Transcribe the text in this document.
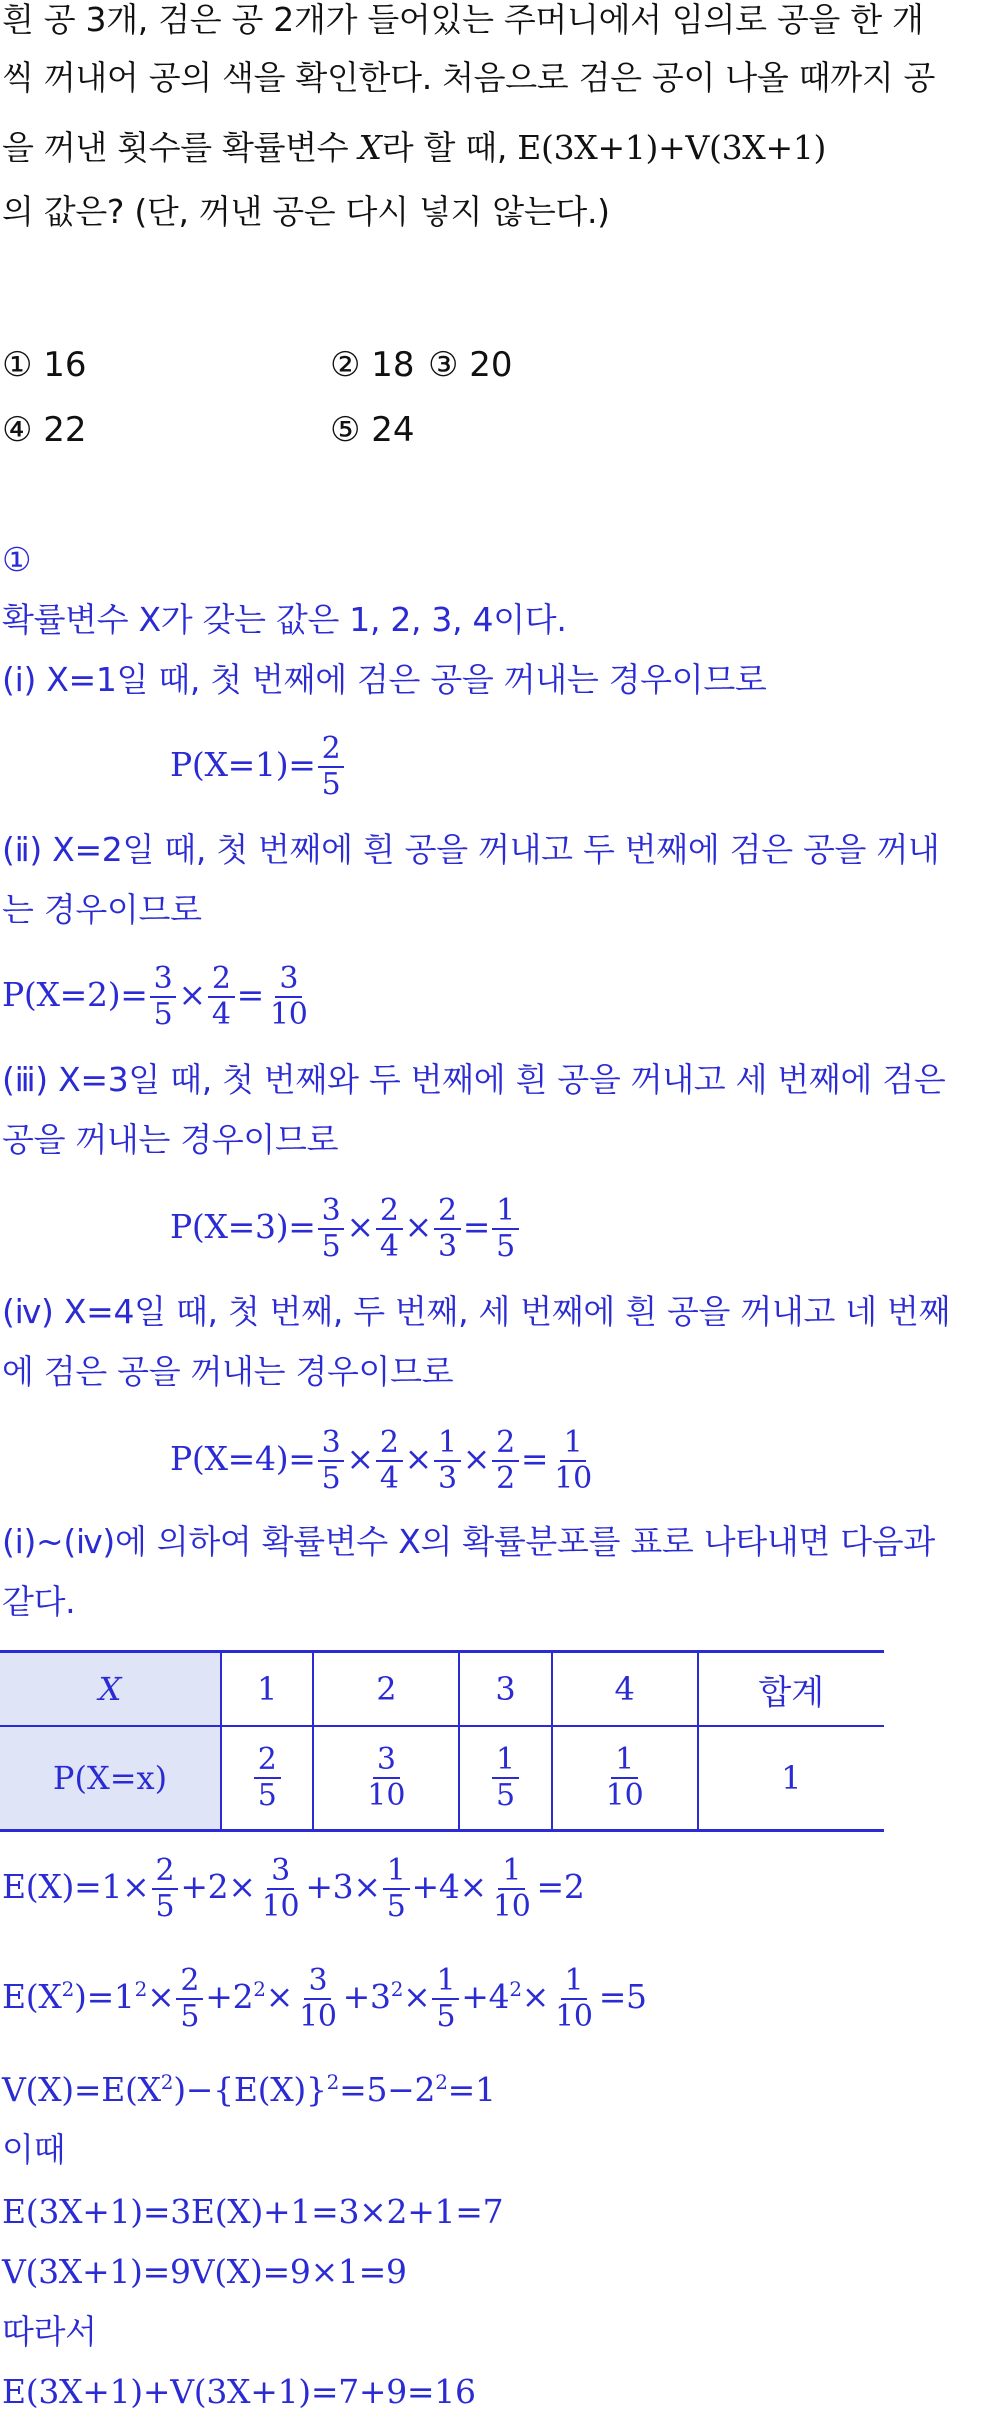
흰 공 3개, 검은 공 2개가 들어있는 주머니에서 임의로 공을 한 개
씩 꺼내어 공의 색을 확인한다. 처음으로 검은 공이 나올 때까지 공
을 꺼낸 횟수를 확률변수 X라 할 때, E(3X+1)+V(3X+1)
의 값은? (단, 꺼낸 공은 다시 넣지 않는다.)
① 16	② 18 ③ 20
④ 22	⑤ 24
①
확률변수 X가 갖는 값은 1, 2, 3, 4이다.
(ⅰ) X=1일 때, 첫 번째에 검은 공을 꺼내는 경우이므로
$P(X=1)= \frac{2}{5}$
(ⅱ) X=2일 때, 첫 번째에 흰 공을 꺼내고 두 번째에 검은 공을 꺼내
는 경우이므로
$P(X=2)= \frac{3}{5} \times \frac{2}{4} = \frac{3}{10}$
(ⅲ) X=3일 때, 첫 번째와 두 번째에 흰 공을 꺼내고 세 번째에 검은
공을 꺼내는 경우이므로
$P(X=3)= \frac{3}{5} \times \frac{2}{4} \times \frac{2}{3} = \frac{1}{5}$
(ⅳ) X=4일 때, 첫 번째, 두 번째, 세 번째에 흰 공을 꺼내고 네 번째
에 검은 공을 꺼내는 경우이므로
$P(X=4)= \frac{3}{5} \times \frac{2}{4} \times \frac{1}{3} \times \frac{2}{2} = \frac{1}{10}$
(ⅰ)~(ⅳ)에 의하여 확률변수 X의 확률분포를 표로 나타내면 다음과
같다.
X	1	2	3	4	합계
P(X=x)	$\frac{2}{5}$	$\frac{3}{10}$	$\frac{1}{5}$	$\frac{1}{10}$	1
$E(X)=1\times \frac{2}{5} +2\times \frac{3}{10} +3\times \frac{1}{5} +4\times \frac{1}{10} =2$
$E(X^2)=1^2\times \frac{2}{5} +2^2\times \frac{3}{10} +3^2\times \frac{1}{5} +4^2\times \frac{1}{10} =5$
$V(X)=E(X^2)-\{E(X)\}^2=5-2^2=1$
이때
E(3X+1)=3E(X)+1=3×2+1=7
V(3X+1)=9V(X)=9×1=9
따라서
E(3X+1)+V(3X+1)=7+9=16
